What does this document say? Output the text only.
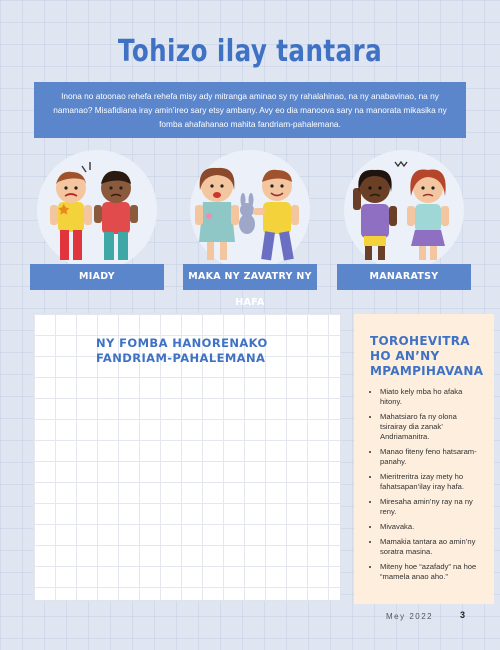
Tohizo ilay tantara
Inona no atoonao rehefa rehefa misy ady mitranga aminao sy ny rahalahinao, na ny anabavinao, na ny namanao? Misafidiana iray amin’ireo sary etsy ambany. Avy eo dia manoova sary na manorata mikasika ny fomba ahafahanao mahita fandriam-pahalemana.
MIADY	MAKA NY ZAVATRY NY HAFA
MANARATSY
NY FOMBA HANORENAKO FANDRIAM-PAHALEMANA
TOROHEVITRA HO AN’NY MPAMPIHAVANA
• Miato kely mba ho afaka hitony.
• Mahatsiaro fa ny olona tsirairay dia zanak’ Andriamanitra.
• Manao fiteny feno hatsaram-panahy.
• Mieritreritra izay mety ho fahatsapan’ilay iray hafa.
• Miresaha amin’ny ray na ny reny.
• Mivavaka.
• Mamakia tantara ao amin’ny soratra masina.
• Miteny hoe “azafady” na hoe “mamela anao aho.”
Mey 2022	3
